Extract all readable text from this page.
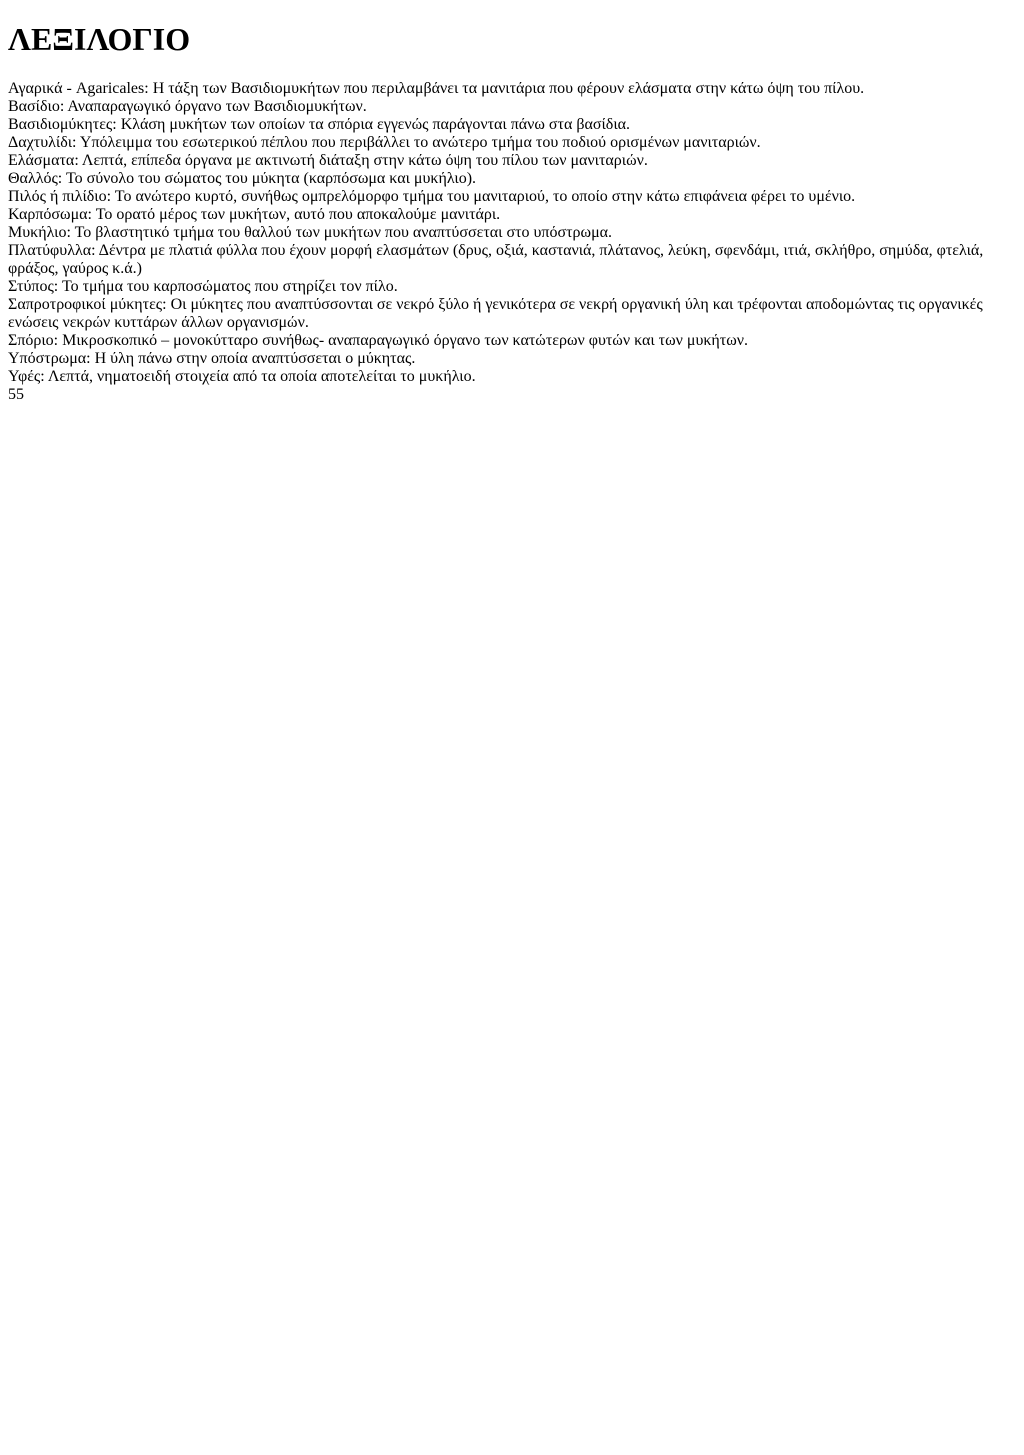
ΛΕΞΙΛΟΓΙΟ
Αγαρικά - Agaricales: Η τάξη των Βασιδιομυκήτων που περιλαμβάνει τα μανιτάρια που φέρουν ελάσματα στην κάτω όψη του πίλου.
Βασίδιο: Αναπαραγωγικό όργανο των Βασιδιομυκήτων.
Βασιδιομύκητες: Κλάση μυκήτων των οποίων τα σπόρια εγγενώς παράγονται πάνω στα βασίδια.
Δαχτυλίδι: Υπόλειμμα του εσωτερικού πέπλου που περιβάλλει το ανώτερο τμήμα του ποδιού ορισμένων μανιταριών.
Ελάσματα: Λεπτά, επίπεδα όργανα με ακτινωτή διάταξη στην κάτω όψη του πίλου των μανιταριών.
Θαλλός: Το σύνολο του σώματος του μύκητα (καρπόσωμα και μυκήλιο).
Πιλός ή πιλίδιο: Το ανώτερο κυρτό, συνήθως ομπρελόμορφο τμήμα του μανιταριού, το οποίο στην κάτω επιφάνεια φέρει το υμένιο.
Καρπόσωμα: Το ορατό μέρος των μυκήτων, αυτό που αποκαλούμε μανιτάρι.
Μυκήλιο: Το βλαστητικό τμήμα του θαλλού των μυκήτων που αναπτύσσεται στο υπόστρωμα.
Πλατύφυλλα: Δέντρα με πλατιά φύλλα που έχουν μορφή ελασμάτων (δρυς, οξιά, καστανιά, πλάτανος, λεύκη, σφενδάμι, ιτιά, σκλήθρο, σημύδα, φτελιά, φράξος, γαύρος κ.ά.)
Στύπος: Το τμήμα του καρποσώματος που στηρίζει τον πίλο.
Σαπροτροφικοί μύκητες: Οι μύκητες που αναπτύσσονται σε νεκρό ξύλο ή γενικότερα σε νεκρή οργανική ύλη και τρέφονται αποδομώντας τις οργανικές ενώσεις νεκρών κυττάρων άλλων οργανισμών.
Σπόριο: Μικροσκοπικό – μονοκύτταρο συνήθως- αναπαραγωγικό όργανο των κατώτερων φυτών και των μυκήτων.
Υπόστρωμα: Η ύλη πάνω στην οποία αναπτύσσεται ο μύκητας.
Υφές: Λεπτά, νηματοειδή στοιχεία από τα οποία αποτελείται το μυκήλιο.
55
